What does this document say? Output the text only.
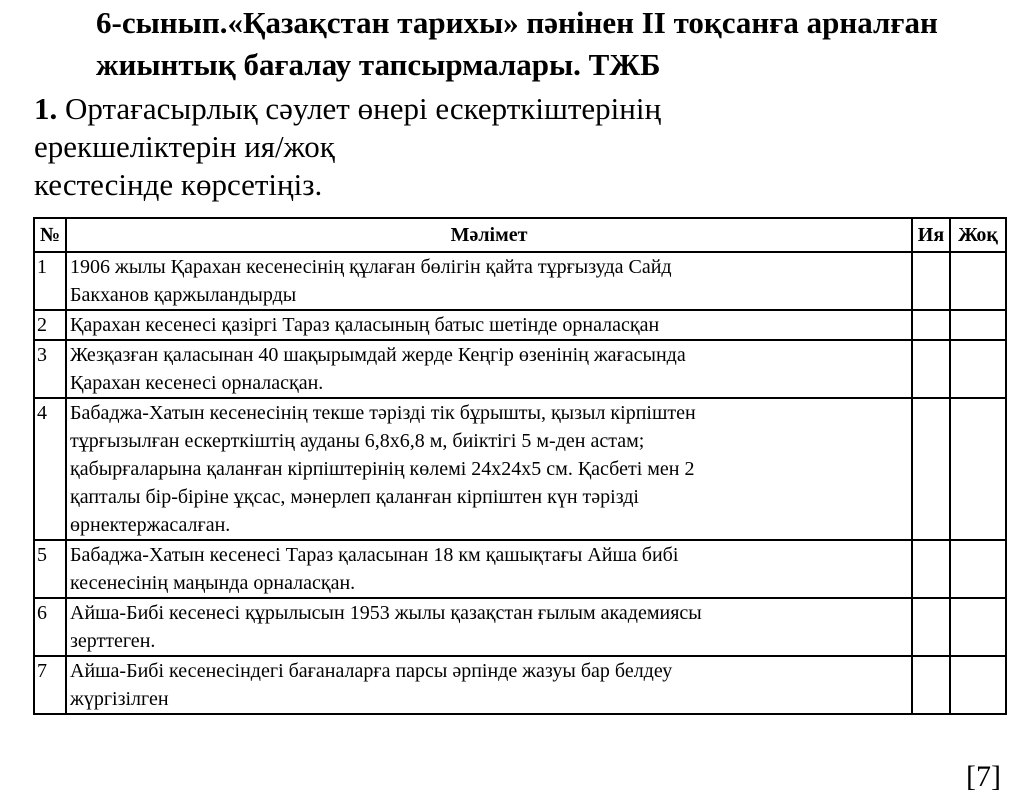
6-сынып.«Қазақстан тарихы» пәнінен II тоқсанға арналған жиынтық бағалау тапсырмалары. ТЖБ
1. Ортағасырлық сәулет өнері ескерткіштерінің
ерекшеліктерін ия/жоқ
кестесінде көрсетіңіз.
№	Мәлімет	Ия	Жоқ
1	1906 жылы Қарахан кесенесінің құлаған бөлігін қайта тұрғызуда Сайд
Бакханов қаржыландырды		

2	Қарахан кесенесі қазіргі Тараз қаласының батыс шетінде орналасқан		

3	Жезқазған қаласынан 40 шақырымдай жерде Кеңгір өзенінің жағасында
Қарахан кесенесі орналасқан.		

4	Бабаджа-Хатын кесенесінің текше тәрізді тік бұрышты, қызыл кірпіштен
тұрғызылған ескерткіштің ауданы 6,8х6,8 м, биіктігі 5 м-ден астам;
қабырғаларына қаланған кірпіштерінің көлемі 24х24х5 см. Қасбеті мен 2
қапталы бір-біріне ұқсас, мәнерлеп қаланған кірпіштен күн тәрізді
өрнектержасалған.		

5	Бабаджа-Хатын кесенесі Тараз қаласынан 18 км қашықтағы Айша бибі
кесенесінің маңында орналасқан.		

6	Айша-Бибі кесенесі құрылысын 1953 жылы қазақстан ғылым академиясы
зерттеген.		

7	Айша-Бибі кесенесіндегі бағаналарға парсы әрпінде жазуы бар белдеу
жүргізілген		

[7]
